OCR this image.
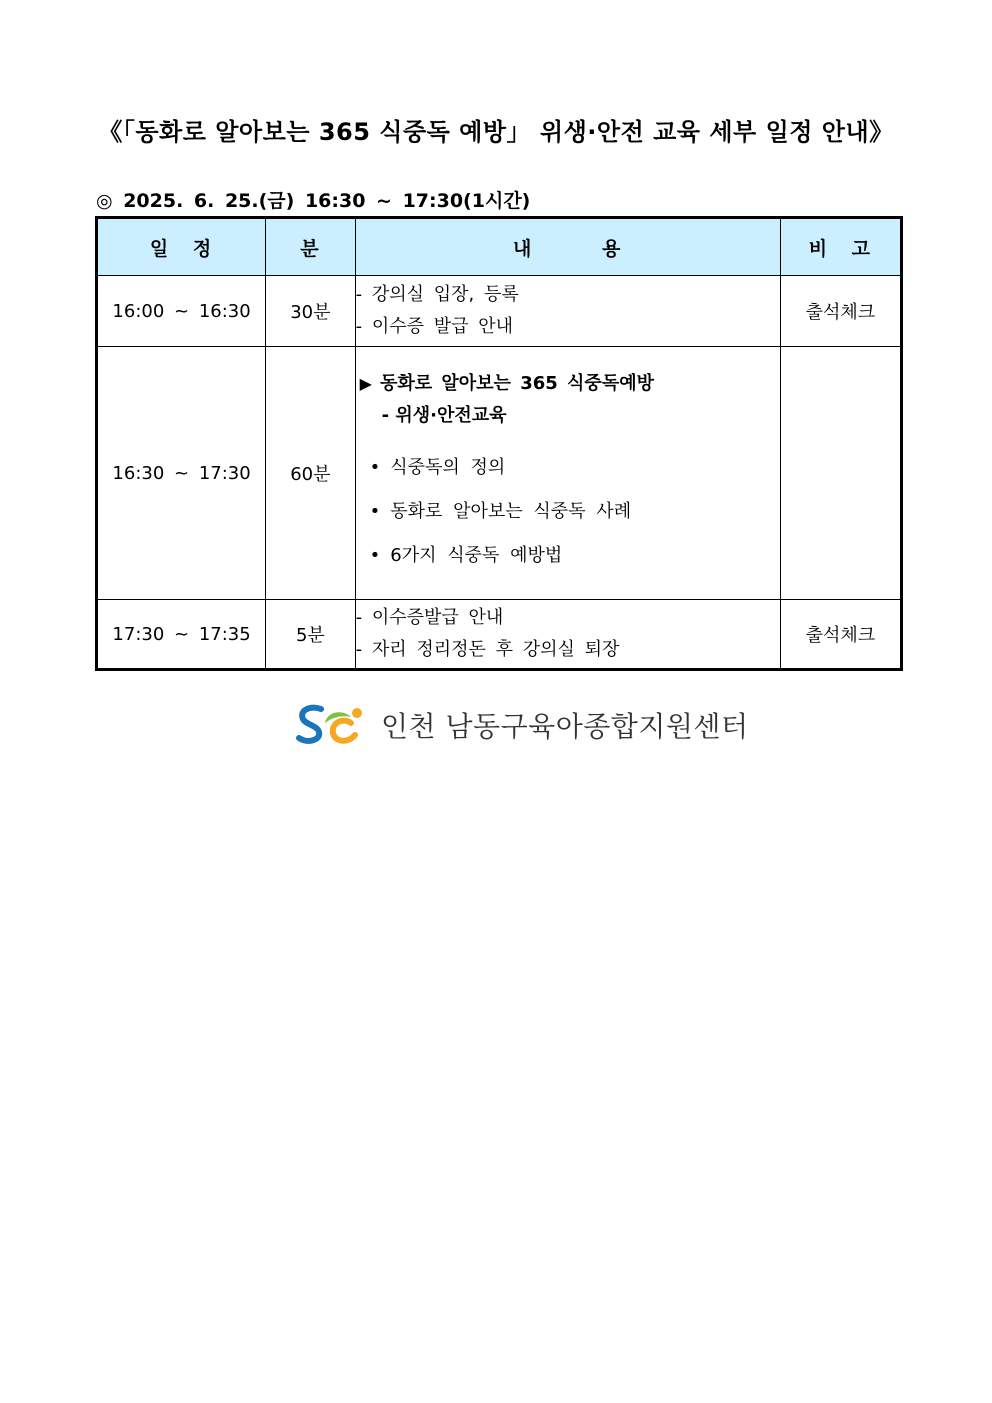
《「동화로 알아보는 365 식중독 예방」 위생·안전 교육 세부 일정 안내》
◎ 2025. 6. 25.(금) 16:30 ~ 17:30(1시간)
일 정	분	내 용	비 고
16:00 ~ 16:30	30분	- 강의실 입장, 등록
- 이수증 발급 안내	출석체크
16:30 ~ 17:30	60분	▶ 동화로 알아보는 365 식중독예방
- 위생·안전교육
• 식중독의 정의
• 동화로 알아보는 식중독 사례
• 6가지 식중독 예방법	

17:30 ~ 17:35	5분	- 이수증발급 안내
- 자리 정리정돈 후 강의실 퇴장	출석체크
인천 남동구육아종합지원센터
